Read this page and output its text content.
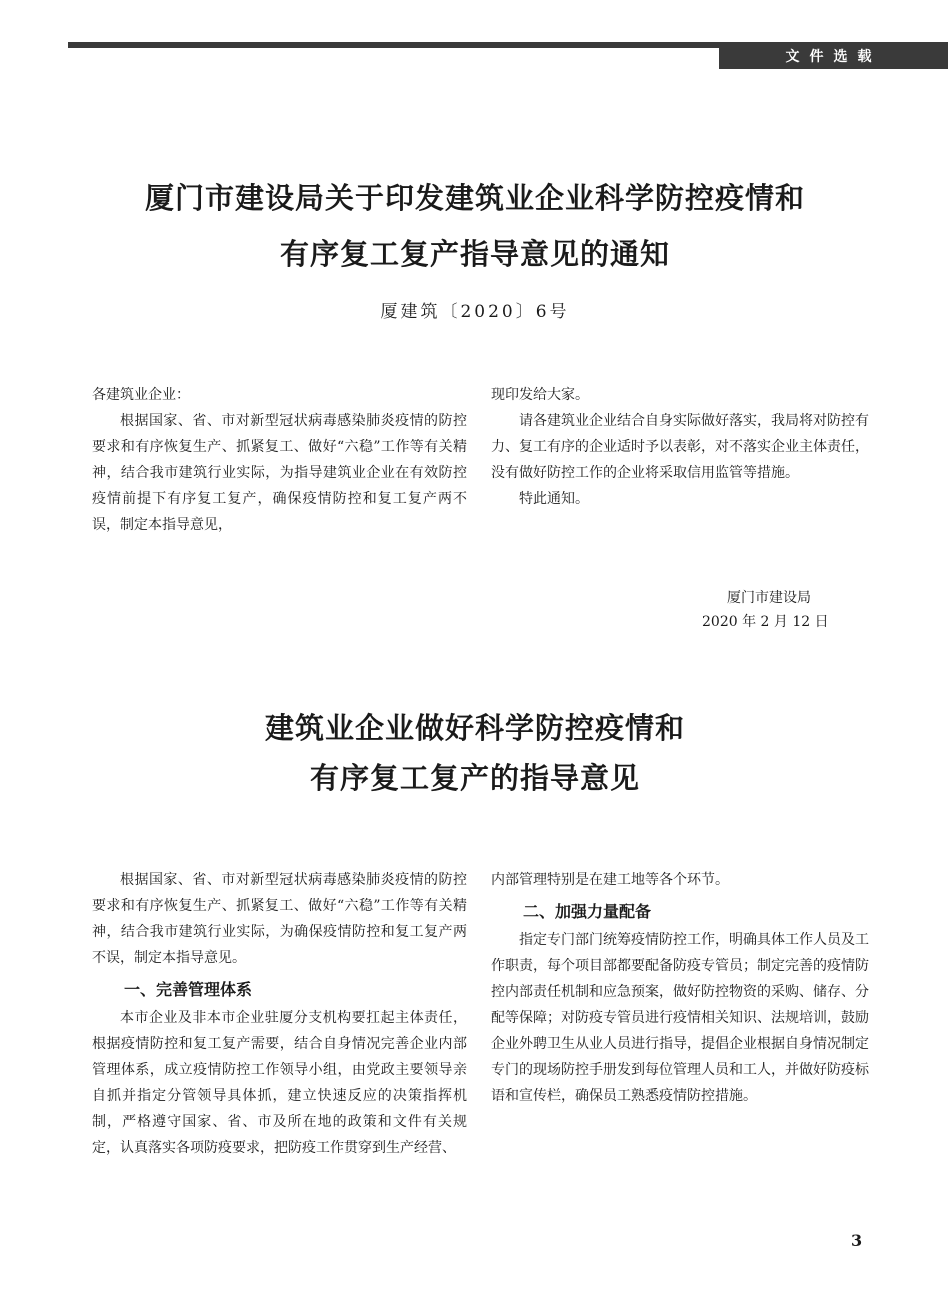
文件选载
厦门市建设局关于印发建筑业企业科学防控疫情和
有序复工复产指导意见的通知
厦建筑〔2020〕6号

各建筑业企业：

根据国家、省、市对新型冠状病毒感染肺炎疫情的防控要求和有序恢复生产、抓紧复工、做好“六稳”工作等有关精神，结合我市建筑行业实际，为指导建筑业企业在有效防控疫情前提下有序复工复产，确保疫情防控和复工复产两不误，制定本指导意见，

现印发给大家。

请各建筑业企业结合自身实际做好落实，我局将对防控有力、复工有序的企业适时予以表彰，对不落实企业主体责任，没有做好防控工作的企业将采取信用监管等措施。

特此通知。

厦门市建设局
2020 年 2 月 12 日
建筑业企业做好科学防控疫情和
有序复工复产的指导意见

根据国家、省、市对新型冠状病毒感染肺炎疫情的防控要求和有序恢复生产、抓紧复工、做好“六稳”工作等有关精神，结合我市建筑行业实际，为确保疫情防控和复工复产两不误，制定本指导意见。

一、完善管理体系

本市企业及非本市企业驻厦分支机构要扛起主体责任，根据疫情防控和复工复产需要，结合自身情况完善企业内部管理体系，成立疫情防控工作领导小组，由党政主要领导亲自抓并指定分管领导具体抓，建立快速反应的决策指挥机制，严格遵守国家、省、市及所在地的政策和文件有关规定，认真落实各项防疫要求，把防疫工作贯穿到生产经营、

内部管理特别是在建工地等各个环节。

二、加强力量配备

指定专门部门统筹疫情防控工作，明确具体工作人员及工作职责，每个项目部都要配备防疫专管员；制定完善的疫情防控内部责任机制和应急预案，做好防控物资的采购、储存、分配等保障；对防疫专管员进行疫情相关知识、法规培训，鼓励企业外聘卫生从业人员进行指导，提倡企业根据自身情况制定专门的现场防控手册发到每位管理人员和工人，并做好防疫标语和宣传栏，确保员工熟悉疫情防控措施。

3
